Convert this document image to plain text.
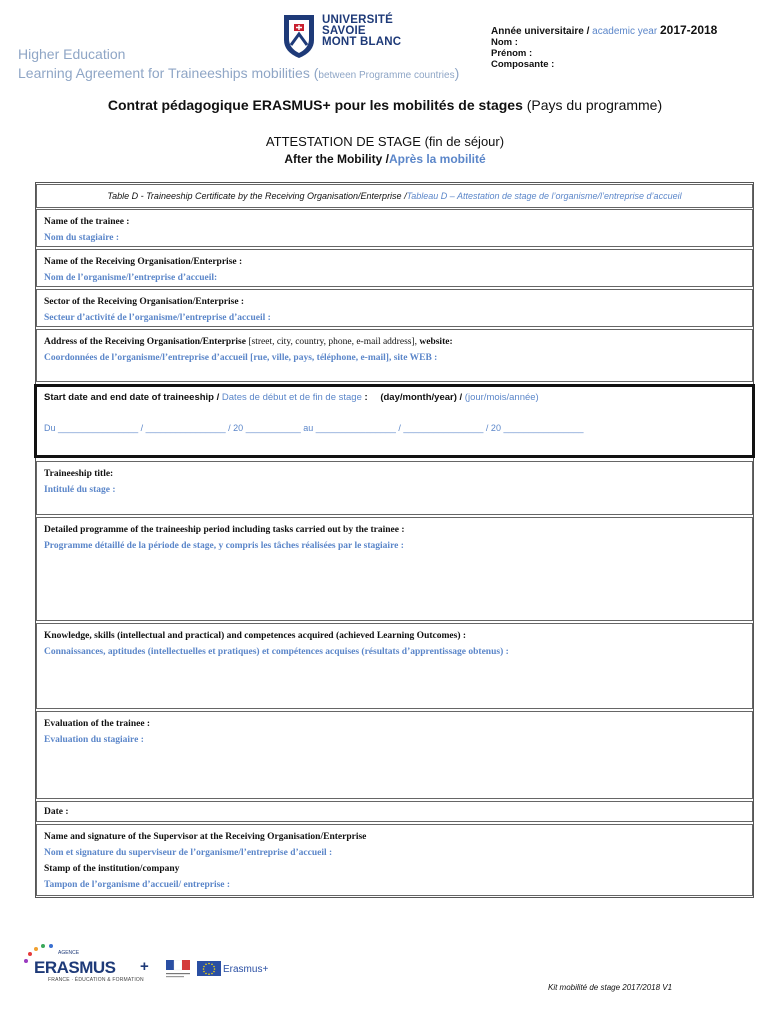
Higher Education
Learning Agreement for Traineeships mobilities (between Programme countries)
UNIVERSITÉ
SAVOIE
MONT BLANC
Année universitaire / academic year 2017-2018
Nom :
Prénom :
Composante :
Contrat pédagogique ERASMUS+ pour les mobilités de stages (Pays du programme)
ATTESTATION DE STAGE (fin de séjour)
After the Mobility /Après la mobilité
Table D - Traineeship Certificate by the Receiving Organisation/Enterprise /Tableau D – Attestation de stage de l’organisme/l’entreprise d’accueil
Name of the trainee :
Nom du stagiaire :
Name of the Receiving Organisation/Enterprise :
Nom de l’organisme/l’entreprise d’accueil:
Sector of the Receiving Organisation/Enterprise :
Secteur d’activité de l’organisme/l’entreprise d’accueil :
Address of the Receiving Organisation/Enterprise [street, city, country, phone, e-mail address], website:
Coordonnées de l’organisme/l’entreprise d’accueil [rue, ville, pays, téléphone, e-mail], site WEB :
Start date and end date of traineeship / Dates de début et de fin de stage : (day/month/year) / (jour/mois/année)
Du ________________ / ________________ / 20 ___________ au ________________ / ________________ / 20 ________________
Traineeship title:
Intitulé du stage :
Detailed programme of the traineeship period including tasks carried out by the trainee :
Programme détaillé de la période de stage, y compris les tâches réalisées par le stagiaire :
Knowledge, skills (intellectual and practical) and competences acquired (achieved Learning Outcomes) :
Connaissances, aptitudes (intellectuelles et pratiques) et compétences acquises (résultats d’apprentissage obtenus) :
Evaluation of the trainee :
Evaluation du stagiaire :
Date :
Name and signature of the Supervisor at the Receiving Organisation/Enterprise
Nom et signature du superviseur de l’organisme/l’entreprise d’accueil :
Stamp of the institution/company
Tampon de l’organisme d’accueil/ entreprise :
AGENCE
ERASMUS +
FRANCE · ÉDUCATION & FORMATION
Erasmus+
Kit mobilité de stage 2017/2018 V1
